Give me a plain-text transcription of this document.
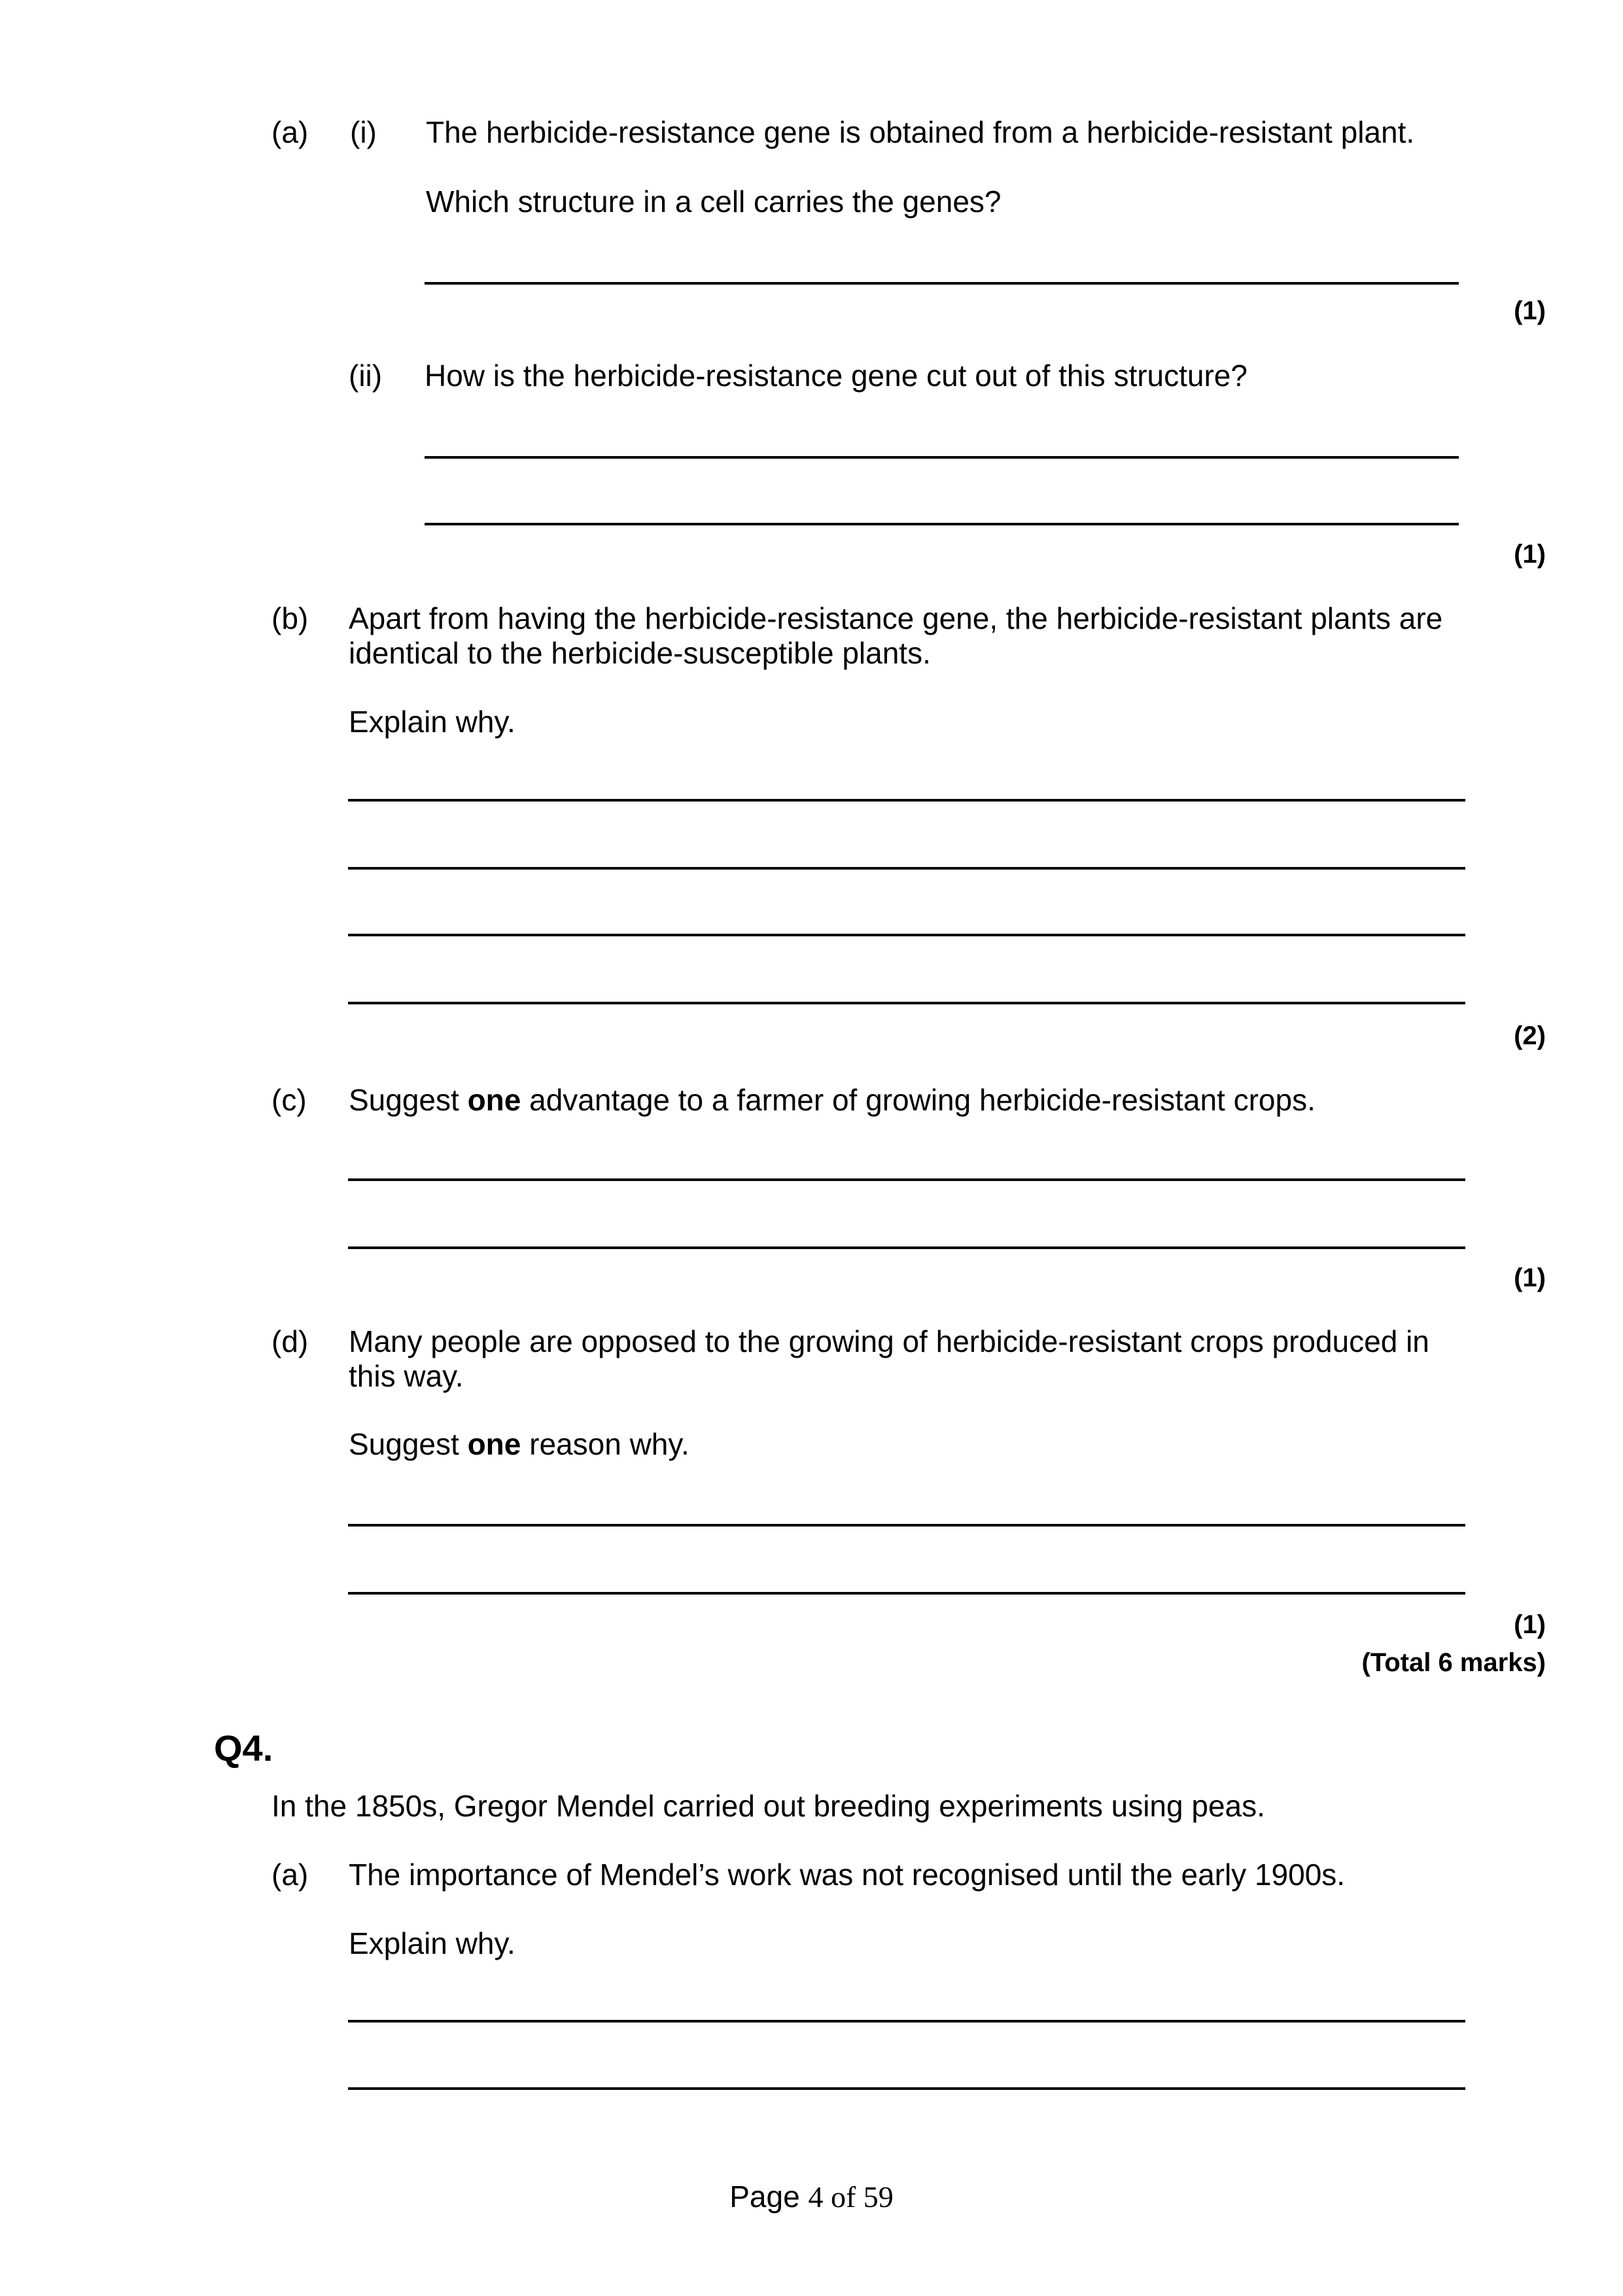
(a) (i) The herbicide-resistance gene is obtained from a herbicide-resistant plant.
Which structure in a cell carries the genes?
(1)
(ii) How is the herbicide-resistance gene cut out of this structure?
(1)
(b) Apart from having the herbicide-resistance gene, the herbicide-resistant plants are
identical to the herbicide-susceptible plants.
Explain why.
(2)
(c) Suggest one advantage to a farmer of growing herbicide-resistant crops.
(1)
(d) Many people are opposed to the growing of herbicide-resistant crops produced in
this way.
Suggest one reason why.
(1)
(Total 6 marks)
Q4.
In the 1850s, Gregor Mendel carried out breeding experiments using peas.
(a) The importance of Mendel’s work was not recognised until the early 1900s.
Explain why.
Page 4 of 59
